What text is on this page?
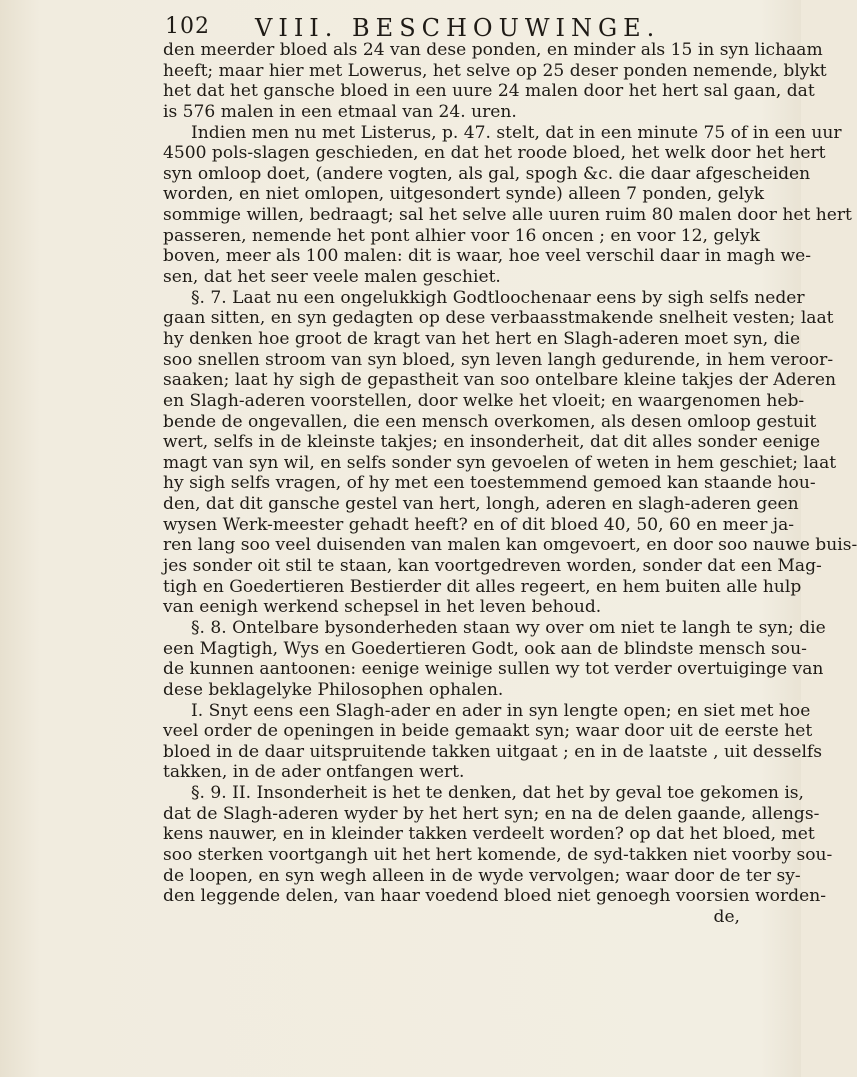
102 VIII. BESCHOUWINGE.
den meerder bloed als 24 van dese ponden, en minder als 15 in syn lichaam
heeft; maar hier met Lowerus, het selve op 25 deser ponden nemende, blykt
het dat het gansche bloed in een uure 24 malen door het hert sal gaan, dat
is 576 malen in een etmaal van 24. uren.
Indien men nu met Listerus, p. 47. stelt, dat in een minute 75 of in een uur
4500 pols-slagen geschieden, en dat het roode bloed, het welk door het hert
syn omloop doet, (andere vogten, als gal, spogh &c. die daar afgescheiden
worden, en niet omlopen, uitgesondert synde) alleen 7 ponden, gelyk
sommige willen, bedraagt; sal het selve alle uuren ruim 80 malen door het hert
passeren, nemende het pont alhier voor 16 oncen ; en voor 12, gelyk
boven, meer als 100 malen: dit is waar, hoe veel verschil daar in magh we-
sen, dat het seer veele malen geschiet.
§. 7. Laat nu een ongelukkigh Godtloochenaar eens by sigh selfs neder
gaan sitten, en syn gedagten op dese verbaasstmakende snelheit vesten; laat
hy denken hoe groot de kragt van het hert en Slagh-aderen moet syn, die
soo snellen stroom van syn bloed, syn leven langh gedurende, in hem veroor-
saaken; laat hy sigh de gepastheit van soo ontelbare kleine takjes der Aderen
en Slagh-aderen voorstellen, door welke het vloeit; en waargenomen heb-
bende de ongevallen, die een mensch overkomen, als desen omloop gestuit
wert, selfs in de kleinste takjes; en insonderheit, dat dit alles sonder eenige
magt van syn wil, en selfs sonder syn gevoelen of weten in hem geschiet; laat
hy sigh selfs vragen, of hy met een toestemmend gemoed kan staande hou-
den, dat dit gansche gestel van hert, longh, aderen en slagh-aderen geen
wysen Werk-meester gehadt heeft? en of dit bloed 40, 50, 60 en meer ja-
ren lang soo veel duisenden van malen kan omgevoert, en door soo nauwe buis-
jes sonder oit stil te staan, kan voortgedreven worden, sonder dat een Mag-
tigh en Goedertieren Bestierder dit alles regeert, en hem buiten alle hulp
van eenigh werkend schepsel in het leven behoud.
§. 8. Ontelbare bysonderheden staan wy over om niet te langh te syn; die
een Magtigh, Wys en Goedertieren Godt, ook aan de blindste mensch sou-
de kunnen aantoonen: eenige weinige sullen wy tot verder overtuiginge van
dese beklagelyke Philosophen ophalen.
I. Snyt eens een Slagh-ader en ader in syn lengte open; en siet met hoe
veel order de openingen in beide gemaakt syn; waar door uit de eerste het
bloed in de daar uitspruitende takken uitgaat ; en in de laatste , uit desselfs
takken, in de ader ontfangen wert.
§. 9. II. Insonderheit is het te denken, dat het by geval toe gekomen is,
dat de Slagh-aderen wyder by het hert syn; en na de delen gaande, allengs-
kens nauwer, en in kleinder takken verdeelt worden? op dat het bloed, met
soo sterken voortgangh uit het hert komende, de syd-takken niet voorby sou-
de loopen, en syn wegh alleen in de wyde vervolgen; waar door de ter sy-
den leggende delen, van haar voedend bloed niet genoegh voorsien worden-
de,
